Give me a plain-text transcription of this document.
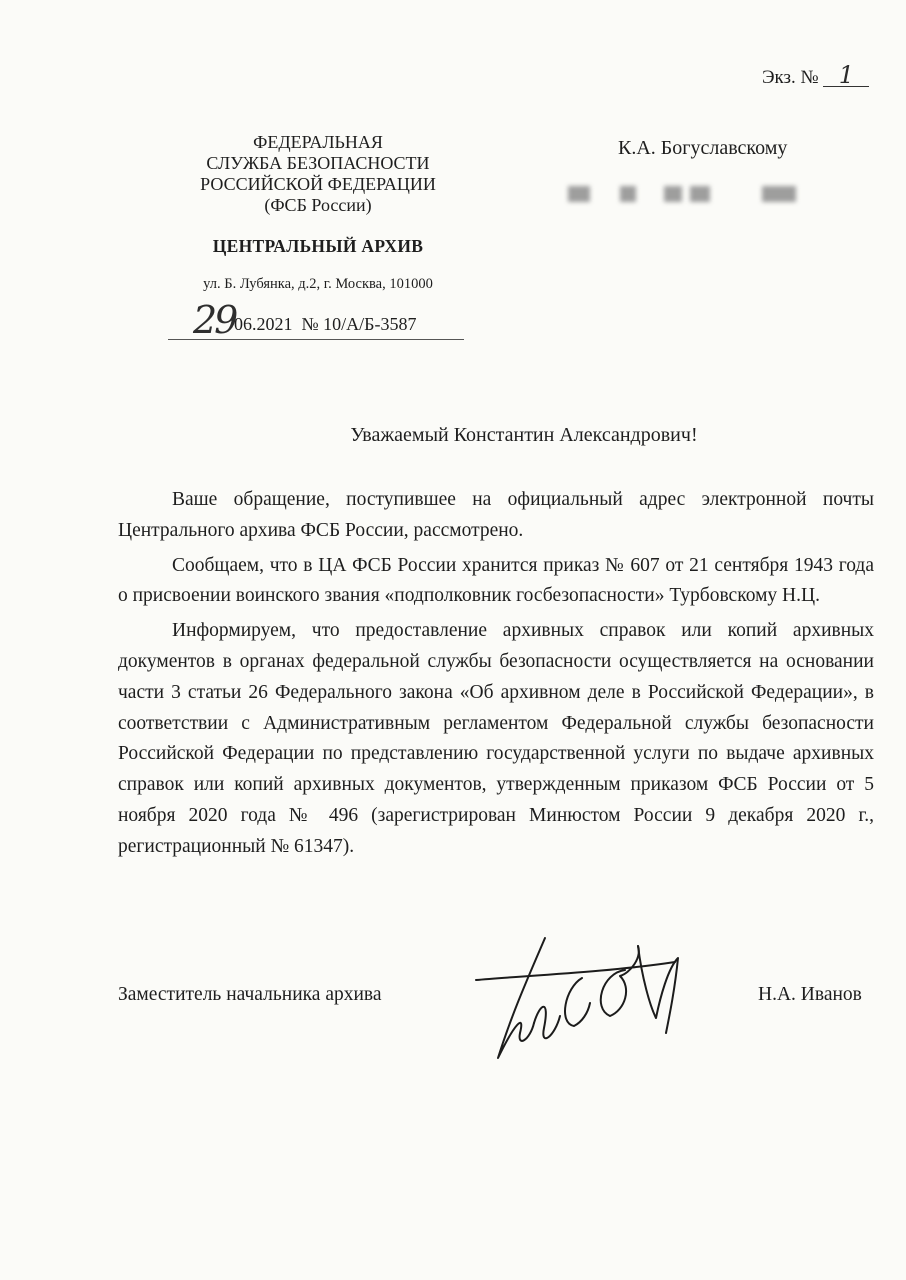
Экз. № 1
ФЕДЕРАЛЬНАЯ
СЛУЖБА БЕЗОПАСНОСТИ
РОССИЙСКОЙ ФЕДЕРАЦИИ
(ФСБ России)
ЦЕНТРАЛЬНЫЙ АРХИВ
ул. Б. Лубянка, д.2, г. Москва, 101000
29
06.2021 № 10/А/Б-3587
К.А. Богуславскому
Уважаемый Константин Александрович!

Ваше обращение, поступившее на официальный адрес электронной почты Центрального архива ФСБ России, рассмотрено.

Сообщаем, что в ЦА ФСБ России хранится приказ № 607 от 21 сентября 1943 года о присвоении воинского звания «подполковник госбезопасности» Турбовскому Н.Ц.

Информируем, что предоставление архивных справок или копий архивных документов в органах федеральной службы безопасности осуществляется на основании части 3 статьи 26 Федерального закона «Об архивном деле в Российской Федерации», в соответствии с Административным регламентом Федеральной службы безопасности Российской Федерации по представлению государственной услуги по выдаче архивных справок или копий архивных документов, утвержденным приказом ФСБ России от 5 ноября 2020 года № 496 (зарегистрирован Минюстом России 9 декабря 2020 г., регистрационный № 61347).

Заместитель начальника архива	Н.А. Иванов
